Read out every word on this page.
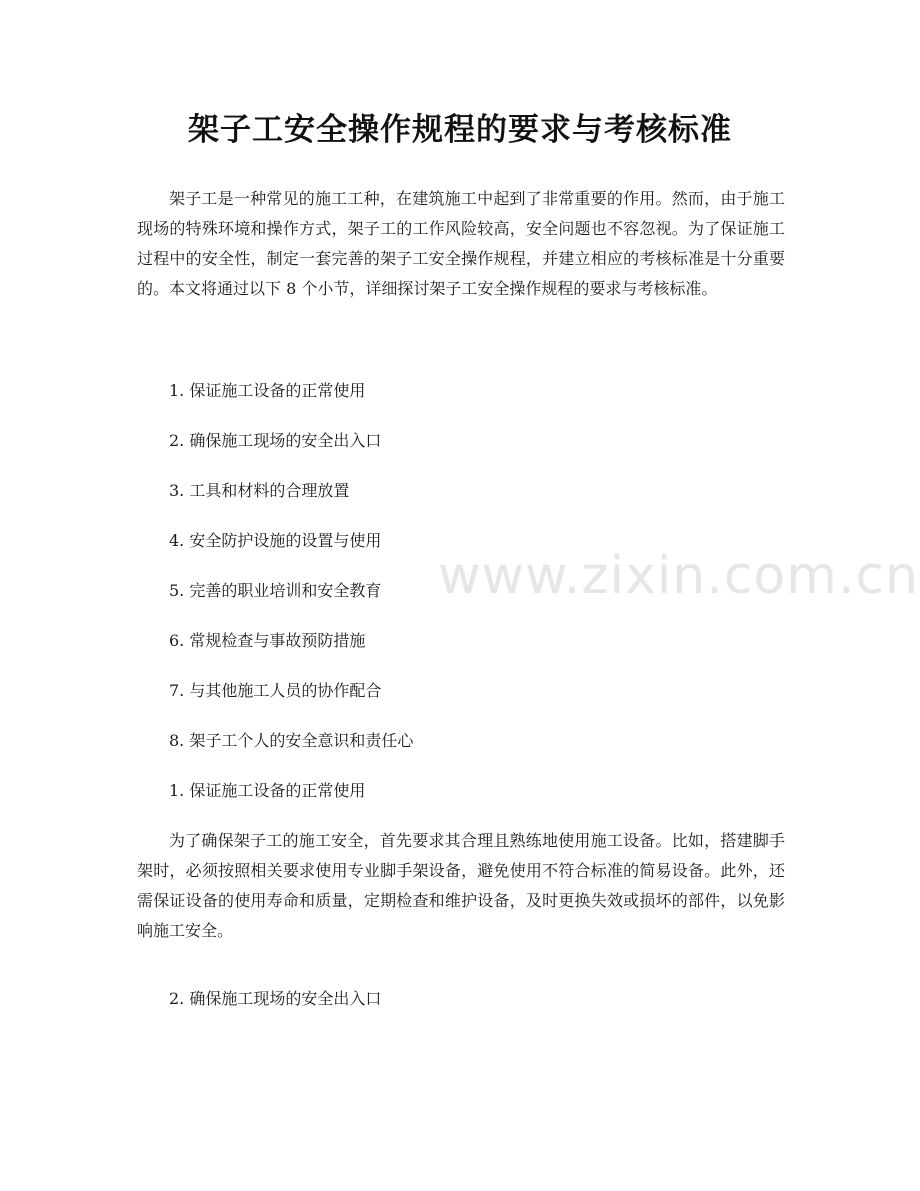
架子工安全操作规程的要求与考核标准

架子工是一种常见的施工工种，在建筑施工中起到了非常重要的作用。然而，由于施工现场的特殊环境和操作方式，架子工的工作风险较高，安全问题也不容忽视。为了保证施工过程中的安全性，制定一套完善的架子工安全操作规程，并建立相应的考核标准是十分重要的。本文将通过以下 8 个小节，详细探讨架子工安全操作规程的要求与考核标准。

1. 保证施工设备的正常使用

2. 确保施工现场的安全出入口

3. 工具和材料的合理放置

4. 安全防护设施的设置与使用

5. 完善的职业培训和安全教育

6. 常规检查与事故预防措施

7. 与其他施工人员的协作配合

8. 架子工个人的安全意识和责任心

1. 保证施工设备的正常使用

为了确保架子工的施工安全，首先要求其合理且熟练地使用施工设备。比如，搭建脚手架时，必须按照相关要求使用专业脚手架设备，避免使用不符合标准的简易设备。此外，还需保证设备的使用寿命和质量，定期检查和维护设备，及时更换失效或损坏的部件，以免影响施工安全。

2. 确保施工现场的安全出入口

www.zixin.com.cn
